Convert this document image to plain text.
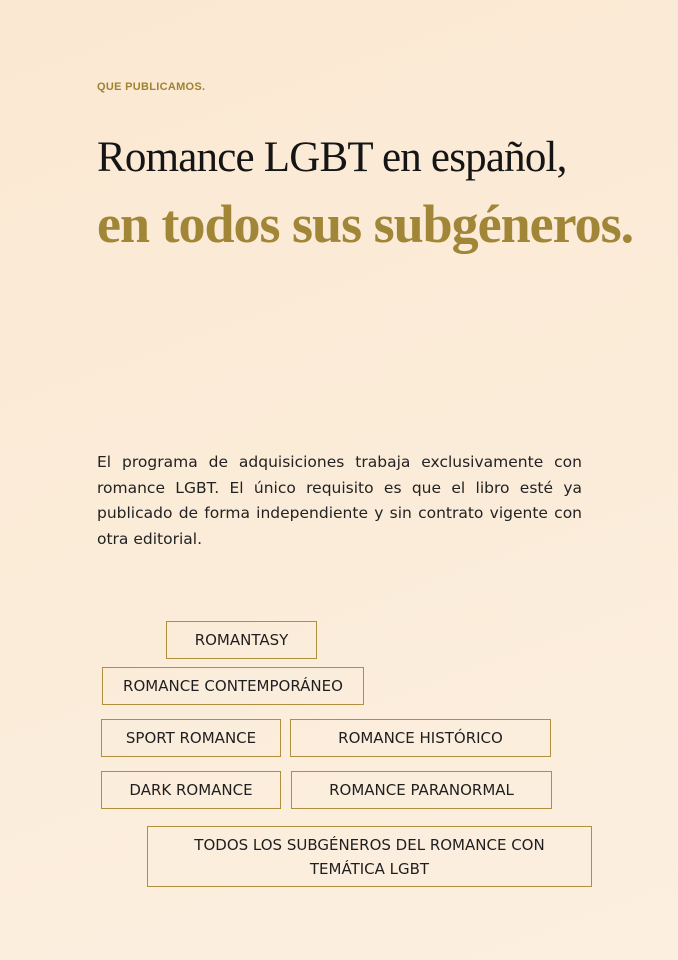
QUE PUBLICAMOS.
Romance LGBT en español,
en todos sus subgéneros.

El programa de adquisiciones trabaja exclusivamente con romance LGBT. El único requisito es que el libro esté ya publicado de forma independiente y sin contrato vigente con otra editorial.

ROMANTASY
ROMANCE CONTEMPORÁNEO
SPORT ROMANCE	ROMANCE HISTÓRICO
DARK ROMANCE	ROMANCE PARANORMAL
TODOS LOS SUBGÉNEROS DEL ROMANCE CON TEMÁTICA LGBT
